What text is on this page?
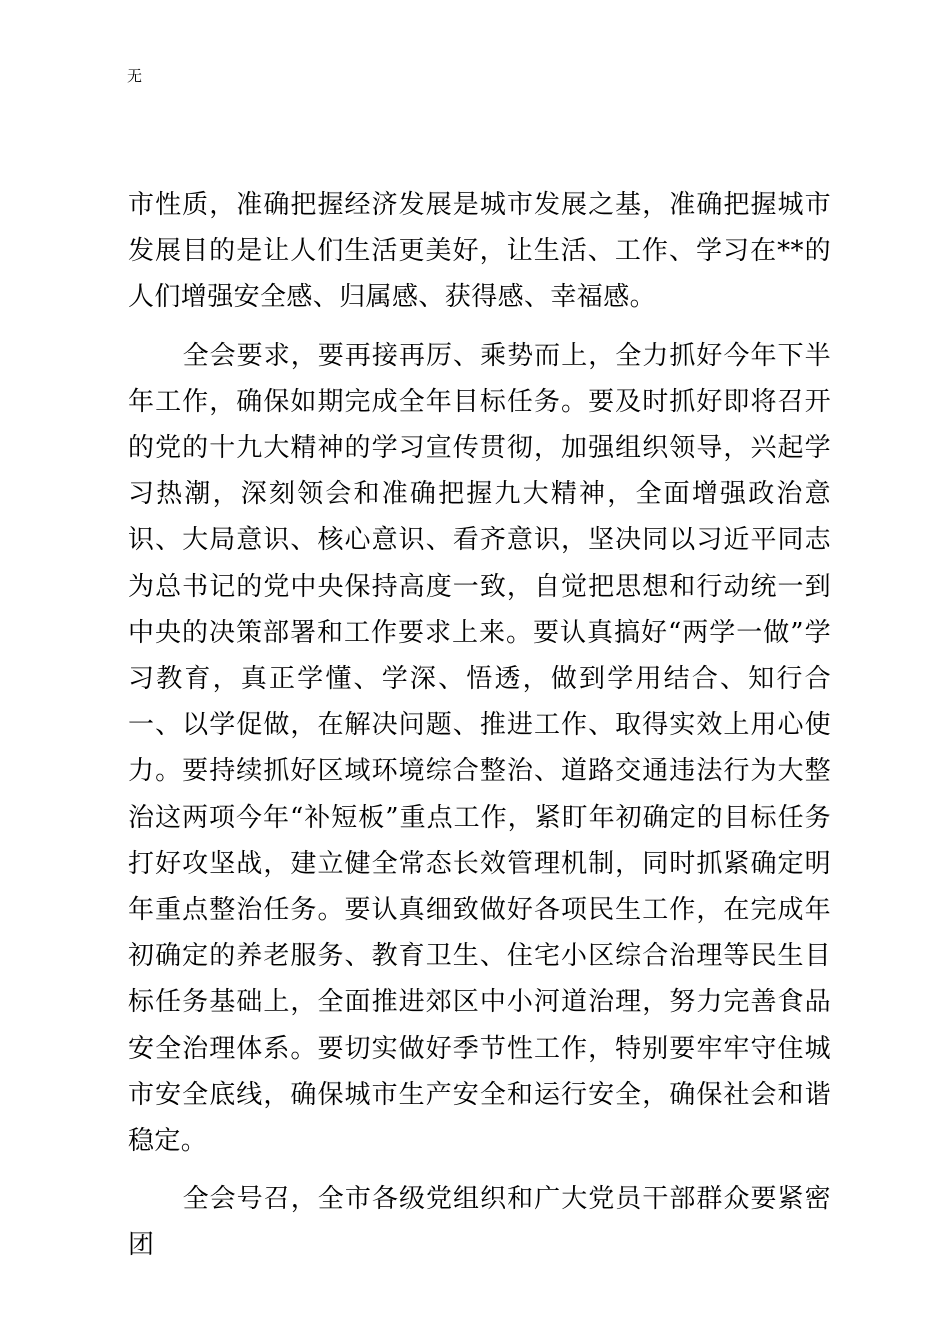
无

市性质，准确把握经济发展是城市发展之基，准确把握城市发展目的是让人们生活更美好，让生活、工作、学习在**的人们增强安全感、归属感、获得感、幸福感。

全会要求，要再接再厉、乘势而上，全力抓好今年下半年工作，确保如期完成全年目标任务。要及时抓好即将召开的党的十九大精神的学习宣传贯彻，加强组织领导，兴起学习热潮，深刻领会和准确把握九大精神，全面增强政治意识、大局意识、核心意识、看齐意识，坚决同以习近平同志为总书记的党中央保持高度一致，自觉把思想和行动统一到中央的决策部署和工作要求上来。要认真搞好“两学一做”学习教育，真正学懂、学深、悟透，做到学用结合、知行合一、以学促做，在解决问题、推进工作、取得实效上用心使力。要持续抓好区域环境综合整治、道路交通违法行为大整治这两项今年“补短板”重点工作，紧盯年初确定的目标任务打好攻坚战，建立健全常态长效管理机制，同时抓紧确定明年重点整治任务。要认真细致做好各项民生工作，在完成年初确定的养老服务、教育卫生、住宅小区综合治理等民生目标任务基础上，全面推进郊区中小河道治理，努力完善食品安全治理体系。要切实做好季节性工作，特别要牢牢守住城市安全底线，确保城市生产安全和运行安全，确保社会和谐稳定。

全会号召，全市各级党组织和广大党员干部群众要紧密团
